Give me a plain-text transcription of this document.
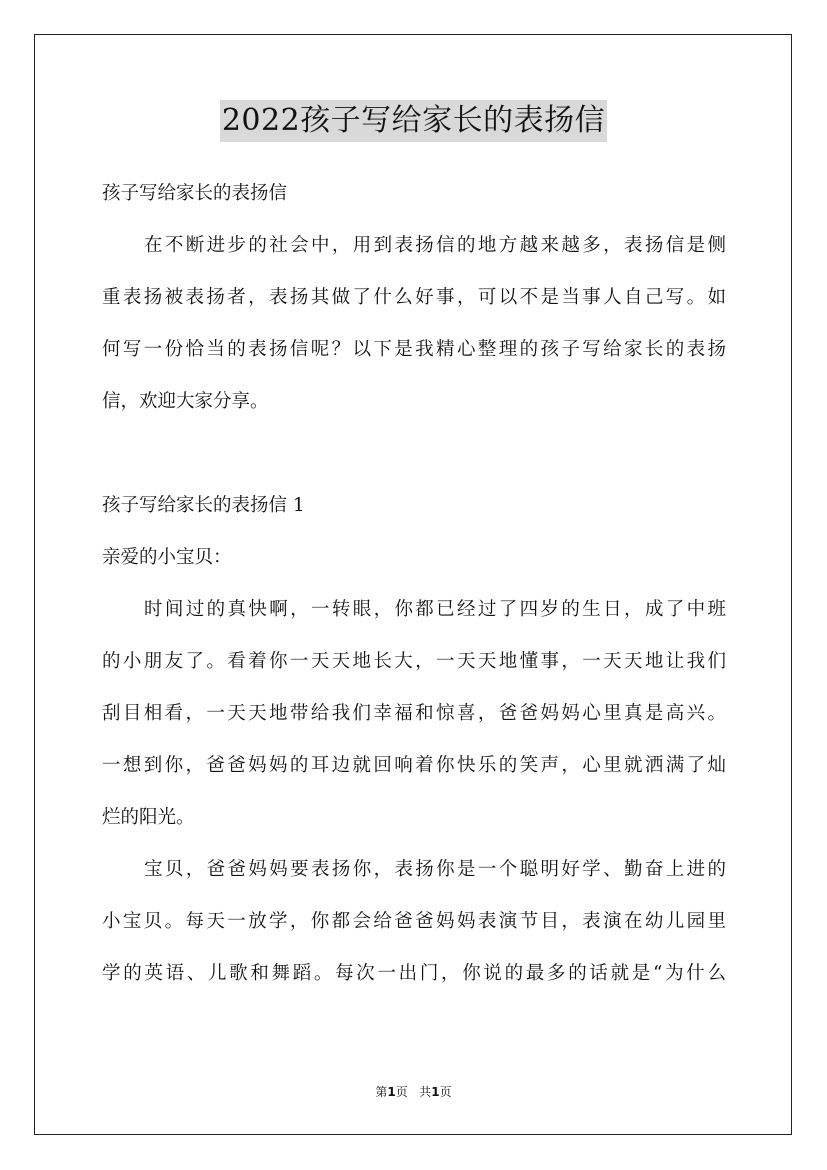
2022孩子写给家长的表扬信
孩子写给家长的表扬信
在不断进步的社会中，用到表扬信的地方越来越多，表扬信是侧
重表扬被表扬者，表扬其做了什么好事，可以不是当事人自己写。如
何写一份恰当的表扬信呢？以下是我精心整理的孩子写给家长的表扬
信，欢迎大家分享。
孩子写给家长的表扬信 1
亲爱的小宝贝：
时间过的真快啊，一转眼，你都已经过了四岁的生日，成了中班
的小朋友了。看着你一天天地长大，一天天地懂事，一天天地让我们
刮目相看，一天天地带给我们幸福和惊喜，爸爸妈妈心里真是高兴。
一想到你，爸爸妈妈的耳边就回响着你快乐的笑声，心里就洒满了灿
烂的阳光。
宝贝，爸爸妈妈要表扬你，表扬你是一个聪明好学、勤奋上进的
小宝贝。每天一放学，你都会给爸爸妈妈表演节目，表演在幼儿园里
学的英语、儿歌和舞蹈。每次一出门，你说的最多的话就是“为什么
第1页 共1页
